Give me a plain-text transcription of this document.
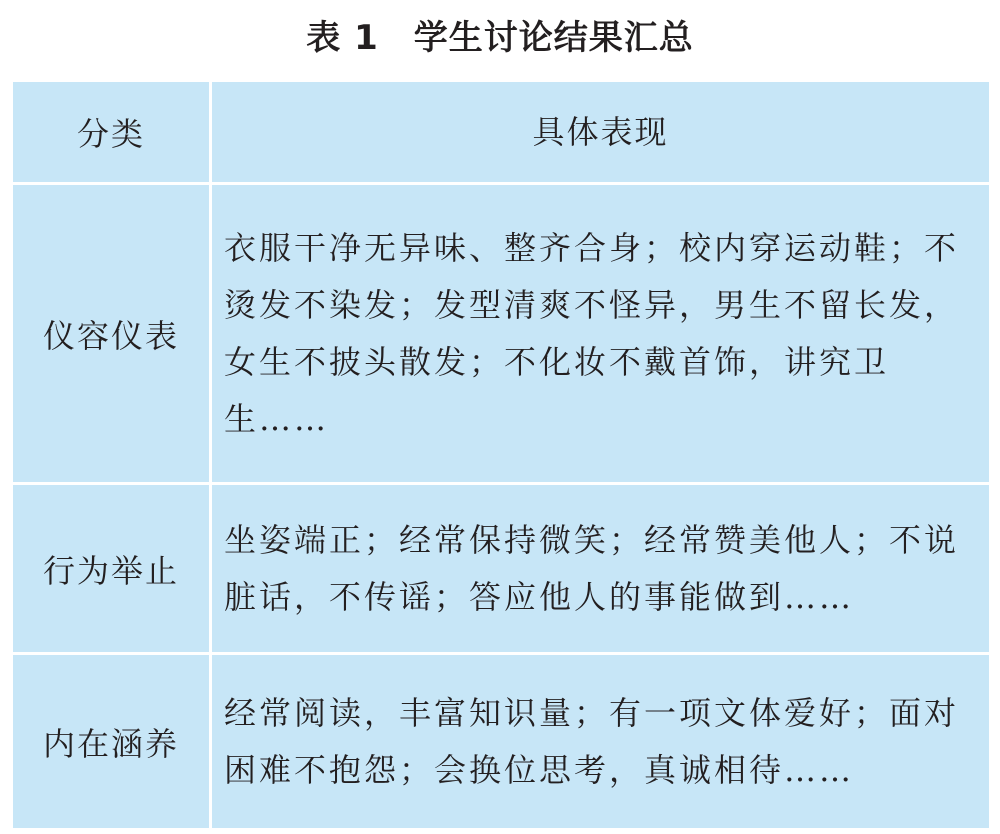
表 1　学生讨论结果汇总
分类	具体表现
仪容仪表
衣服干净无异味、整齐合身；校内穿运动鞋；不烫发不染发；发型清爽不怪异，男生不留长发，女生不披头散发；不化妆不戴首饰，讲究卫生……
行为举止
坐姿端正；经常保持微笑；经常赞美他人；不说脏话，不传谣；答应他人的事能做到……
内在涵养
经常阅读，丰富知识量；有一项文体爱好；面对困难不抱怨；会换位思考，真诚相待……
